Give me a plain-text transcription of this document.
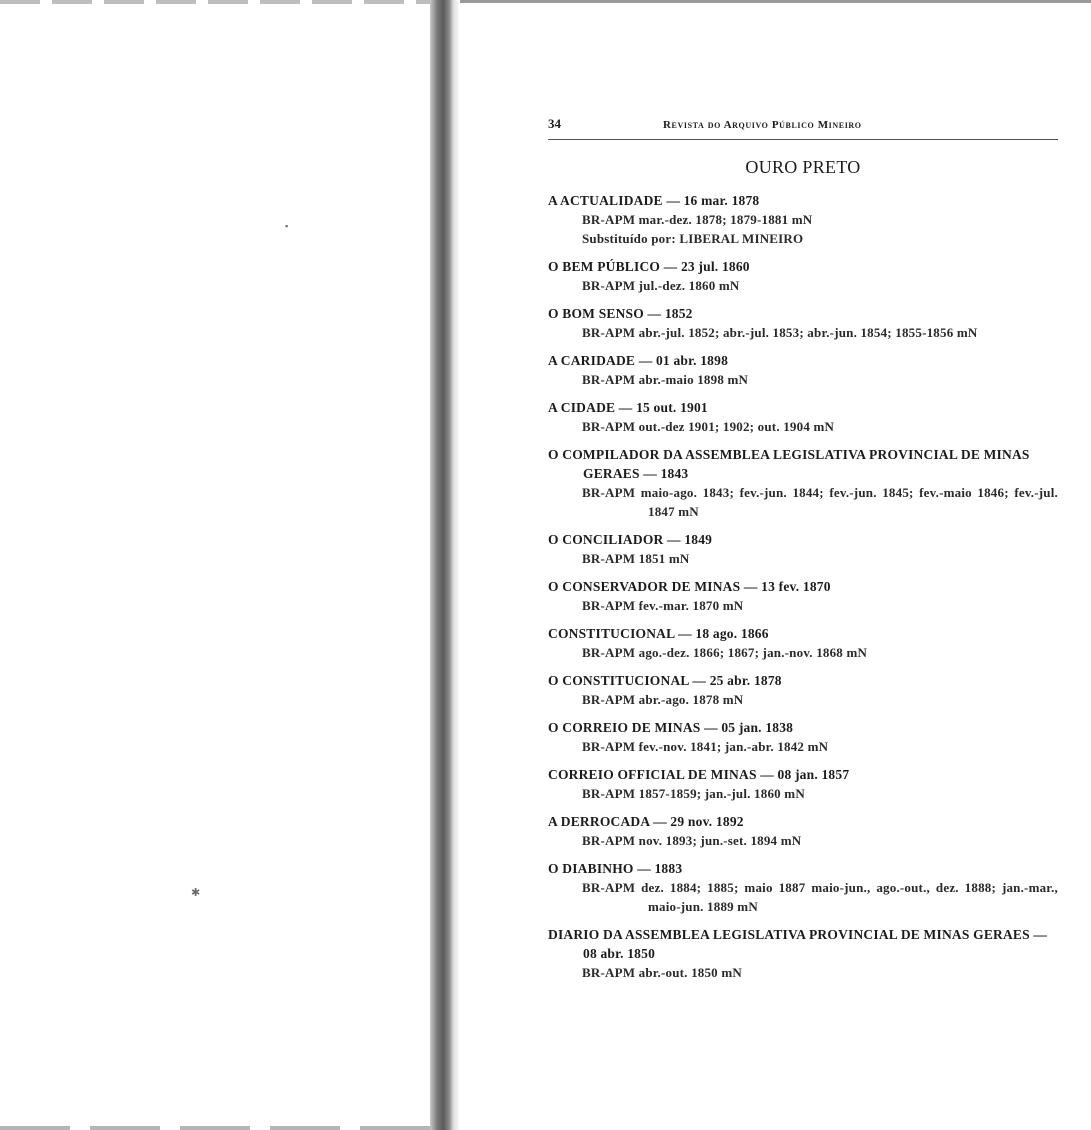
▪
✱
34	Revista do Arquivo Público Mineiro
OURO PRETO
A ACTUALIDADE — 16 mar. 1878
BR-APM mar.-dez. 1878; 1879-1881 mN
Substituído por: LIBERAL MINEIRO
O BEM PÚBLICO — 23 jul. 1860
BR-APM jul.-dez. 1860 mN
O BOM SENSO — 1852
BR-APM abr.-jul. 1852; abr.-jul. 1853; abr.-jun. 1854; 1855-1856 mN
A CARIDADE — 01 abr. 1898
BR-APM abr.-maio 1898 mN
A CIDADE — 15 out. 1901
BR-APM out.-dez 1901; 1902; out. 1904 mN
O COMPILADOR DA ASSEMBLEA LEGISLATIVA PROVINCIAL DE MINAS GERAES — 1843
BR-APM maio-ago. 1843; fev.-jun. 1844; fev.-jun. 1845; fev.-maio 1846; fev.-jul. 1847 mN
O CONCILIADOR — 1849
BR-APM 1851 mN
O CONSERVADOR DE MINAS — 13 fev. 1870
BR-APM fev.-mar. 1870 mN
CONSTITUCIONAL — 18 ago. 1866
BR-APM ago.-dez. 1866; 1867; jan.-nov. 1868 mN
O CONSTITUCIONAL — 25 abr. 1878
BR-APM abr.-ago. 1878 mN
O CORREIO DE MINAS — 05 jan. 1838
BR-APM fev.-nov. 1841; jan.-abr. 1842 mN
CORREIO OFFICIAL DE MINAS — 08 jan. 1857
BR-APM 1857-1859; jan.-jul. 1860 mN
A DERROCADA — 29 nov. 1892
BR-APM nov. 1893; jun.-set. 1894 mN
O DIABINHO — 1883
BR-APM dez. 1884; 1885; maio 1887 maio-jun., ago.-out., dez. 1888; jan.-mar., maio-jun. 1889 mN
DIARIO DA ASSEMBLEA LEGISLATIVA PROVINCIAL DE MINAS GERAES — 08 abr. 1850
BR-APM abr.-out. 1850 mN
